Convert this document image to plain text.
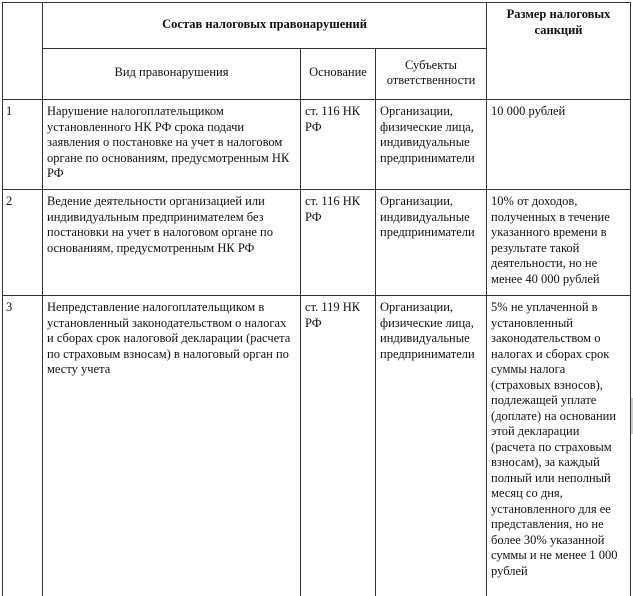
	Состав налоговых правонарушений			Размер налоговых санкций
	Вид правонарушения	Основание	Субъекты ответственности	
1	Нарушение налогоплательщиком установленного НК РФ срока подачи заявления о постановке на учет в налоговом органе по основаниям, предусмотренным НК РФ	ст. 116 НК РФ	Организации, физические лица, индивидуальные предприниматели	10 000 рублей
2	Ведение деятельности организацией или индивидуальным предпринимателем без постановки на учет в налоговом органе по основаниям, предусмотренным НК РФ	ст. 116 НК РФ	Организации, индивидуальные предприниматели	10% от доходов, полученных в течение указанного времени в результате такой деятельности, но не менее 40 000 рублей
3	Непредставление налогоплательщиком в установленный законодательством о налогах и сборах срок налоговой декларации (расчета по страховым взносам) в налоговый орган по месту учета	ст. 119 НК РФ	Организации, физические лица, индивидуальные предприниматели	5% не уплаченной в установленный законодательством о налогах и сборах срок суммы налога (страховых взносов), подлежащей уплате (доплате) на основании этой декларации (расчета по страховым взносам), за каждый полный или неполный месяц со дня, установленного для ее представления, но не более 30% указанной суммы и не менее 1 000 рублей
